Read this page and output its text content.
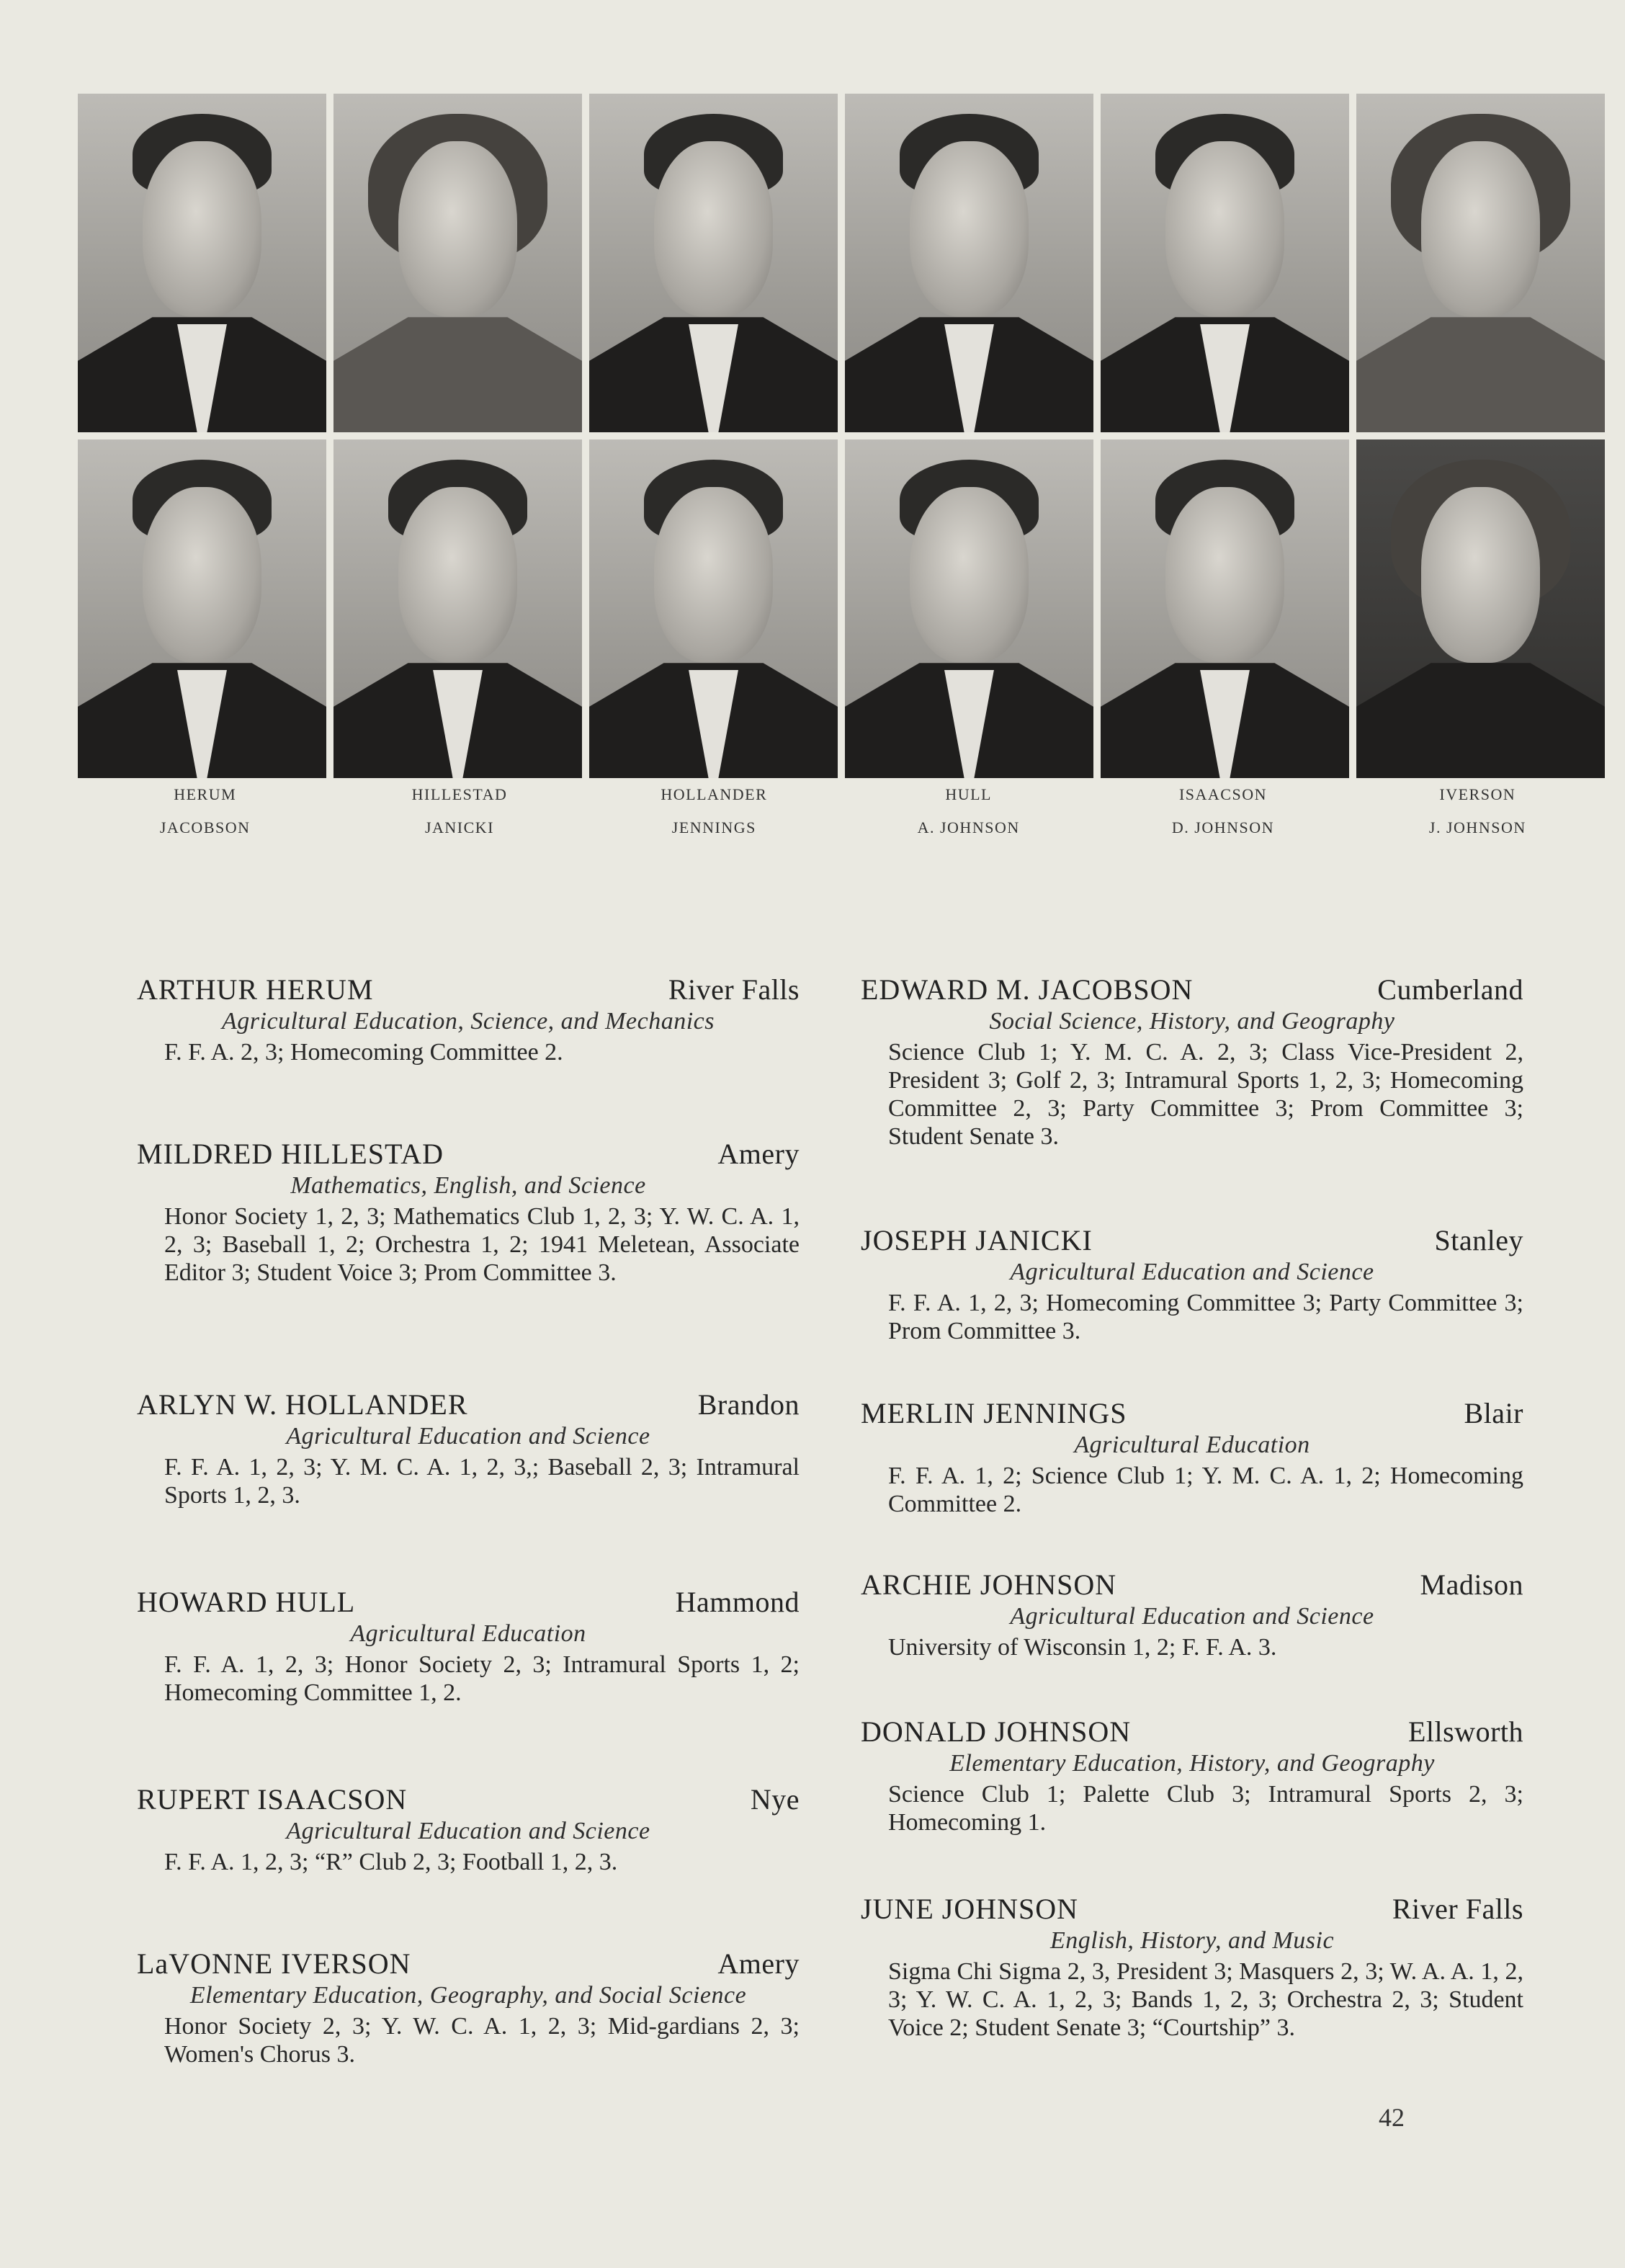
HERUM
JACOBSON
HILLESTAD
JANICKI
HOLLANDER
JENNINGS
HULL
A. JOHNSON
ISAACSON
D. JOHNSON
IVERSON
J. JOHNSON
ARTHUR HERUM	River Falls
Agricultural Education, Science, and Mechanics
F. F. A. 2, 3; Homecoming Committee 2.
MILDRED HILLESTAD	Amery
Mathematics, English, and Science
Honor Society 1, 2, 3; Mathematics Club 1, 2, 3; Y. W. C. A. 1, 2, 3; Baseball 1, 2; Orchestra 1, 2; 1941 Meletean, Associate Editor 3; Student Voice 3; Prom Committee 3.
ARLYN W. HOLLANDER	Brandon
Agricultural Education and Science
F. F. A. 1, 2, 3; Y. M. C. A. 1, 2, 3,; Baseball 2, 3; Intramural Sports 1, 2, 3.
HOWARD HULL	Hammond
Agricultural Education
F. F. A. 1, 2, 3; Honor Society 2, 3; Intramural Sports 1, 2; Homecoming Committee 1, 2.
RUPERT ISAACSON	Nye
Agricultural Education and Science
F. F. A. 1, 2, 3; “R” Club 2, 3; Football 1, 2, 3.
LaVONNE IVERSON	Amery
Elementary Education, Geography, and Social Science
Honor Society 2, 3; Y. W. C. A. 1, 2, 3; Mid-gardians 2, 3; Women's Chorus 3.
EDWARD M. JACOBSON	Cumberland
Social Science, History, and Geography
Science Club 1; Y. M. C. A. 2, 3; Class Vice-President 2, President 3; Golf 2, 3; Intramural Sports 1, 2, 3; Homecoming Committee 2, 3; Party Committee 3; Prom Committee 3; Student Senate 3.
JOSEPH JANICKI	Stanley
Agricultural Education and Science
F. F. A. 1, 2, 3; Homecoming Committee 3; Party Committee 3; Prom Committee 3.
MERLIN JENNINGS	Blair
Agricultural Education
F. F. A. 1, 2; Science Club 1; Y. M. C. A. 1, 2; Homecoming Committee 2.
ARCHIE JOHNSON	Madison
Agricultural Education and Science
University of Wisconsin 1, 2; F. F. A. 3.
DONALD JOHNSON	Ellsworth
Elementary Education, History, and Geography
Science Club 1; Palette Club 3; Intramural Sports 2, 3; Homecoming 1.
JUNE JOHNSON	River Falls
English, History, and Music
Sigma Chi Sigma 2, 3, President 3; Masquers 2, 3; W. A. A. 1, 2, 3; Y. W. C. A. 1, 2, 3; Bands 1, 2, 3; Orchestra 2, 3; Student Voice 2; Student Senate 3; “Courtship” 3.
42
